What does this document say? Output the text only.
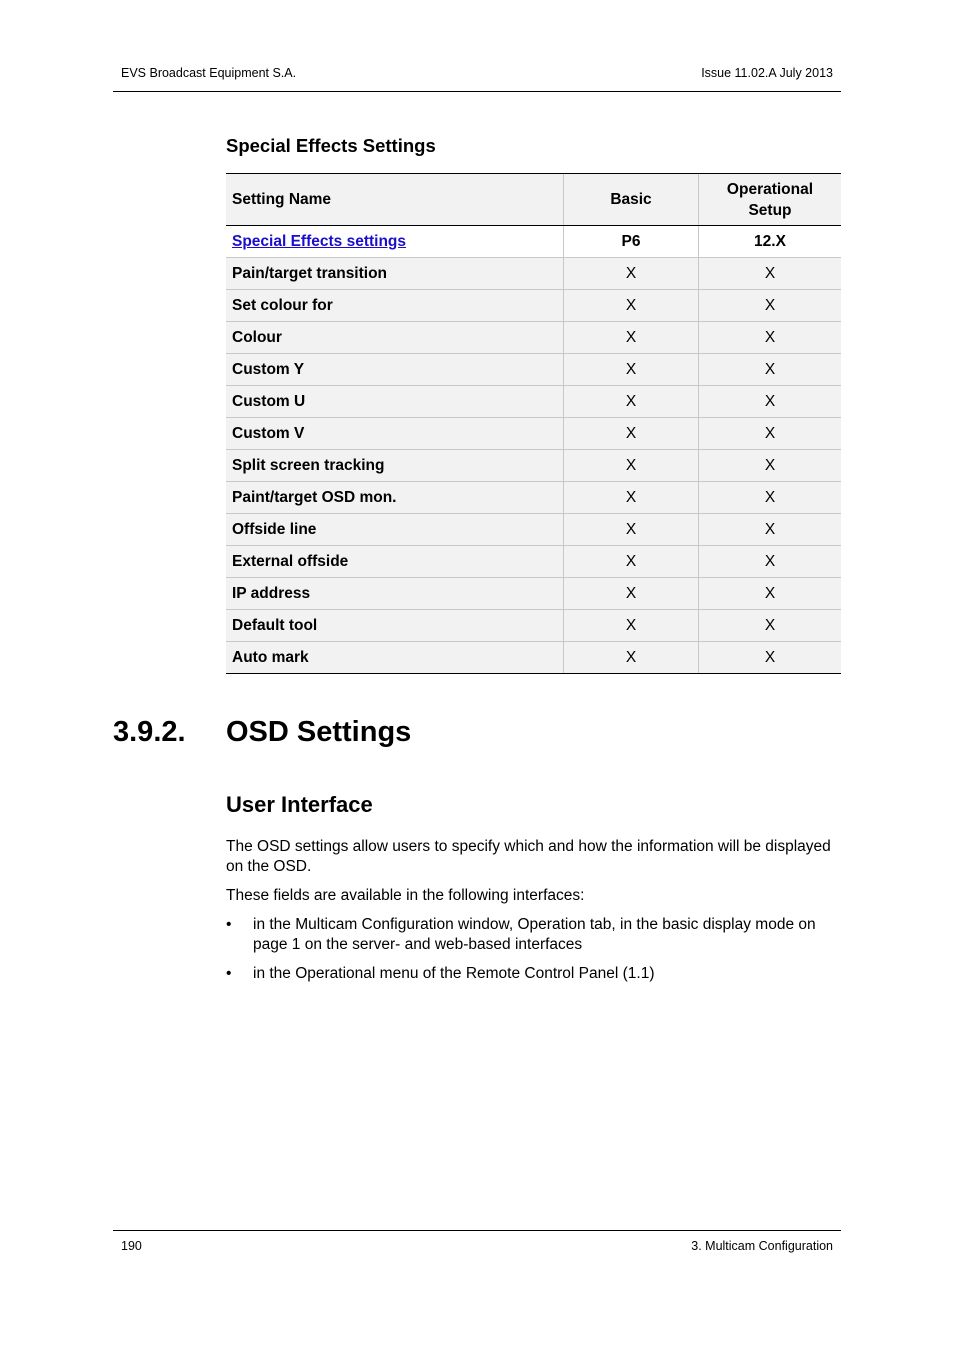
EVS Broadcast Equipment S.A.	Issue 11.02.A July 2013
Special Effects Settings
Setting Name	Basic	Operational
Setup
Special Effects settings	P6	12.X
Pain/target transition	X	X
Set colour for	X	X
Colour	X	X
Custom Y	X	X
Custom U	X	X
Custom V	X	X
Split screen tracking	X	X
Paint/target OSD mon.	X	X
Offside line	X	X
External offside	X	X
IP address	X	X
Default tool	X	X
Auto mark	X	X
3.9.2. OSD Settings
User Interface
The OSD settings allow users to specify which and how the information will be displayed on the OSD.
These fields are available in the following interfaces:
• in the Multicam Configuration window, Operation tab, in the basic display mode on page 1 on the server- and web-based interfaces
• in the Operational menu of the Remote Control Panel (1.1)
190	3. Multicam Configuration
